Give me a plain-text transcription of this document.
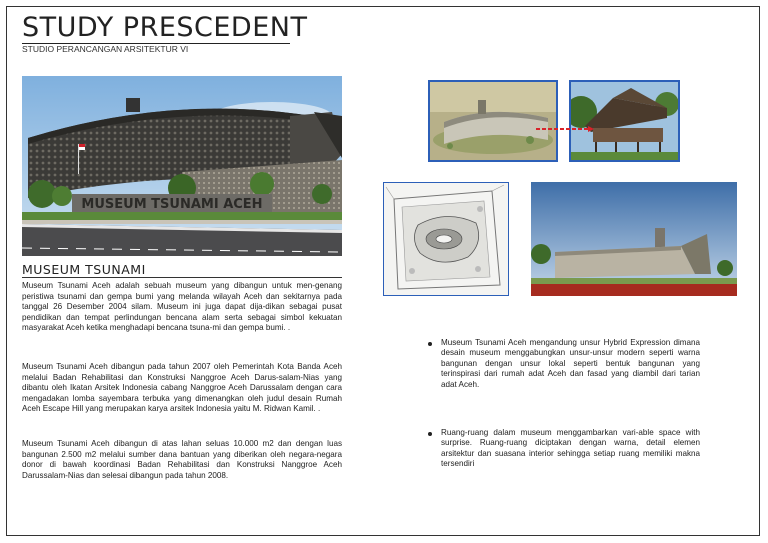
STUDY PRESCEDENT
STUDIO PERANCANGAN ARSITEKTUR VI
MUSEUM TSUNAMI ACEH
MUSEUM TSUNAMI

Museum Tsunami Aceh adalah sebuah museum yang dibangun untuk men-genang peristiwa tsunami dan gempa bumi yang melanda wilayah Aceh dan sekitarnya pada tanggal 26 Desember 2004 silam. Museum ini juga dapat dija-dikan sebagai pusat pendidikan dan tempat perlindungan bencana alam serta sebagai simbol kekuatan masyarakat Aceh ketika menghadapi bencana tsuna-mi dan gempa bumi. .

Museum Tsunami Aceh dibangun pada tahun 2007 oleh Pemerintah Kota Banda Aceh melalui Badan Rehabilitasi dan Konstruksi Nanggroe Aceh Darus-salam-Nias yang dibantu oleh Ikatan Arsitek Indonesia cabang Nanggroe Aceh Darussalam dengan cara mengadakan lomba sayembara terbuka yang dimenangkan oleh judul desain Rumah Aceh Escape Hill yang merupakan karya arsitek Indonesia yaitu M. Ridwan Kamil. .

Museum Tsunami Aceh dibangun di atas lahan seluas 10.000 m2 dan dengan luas bangunan 2.500 m2 melalui sumber dana bantuan yang diberikan oleh negara-negara donor di bawah koordinasi Badan Rehabilitasi dan Konstruksi Nanggroe Aceh Darussalam-Nias dan selesai dibangun pada tahun 2008.

Museum Tsunami Aceh mengandung unsur Hybrid Expression dimana desain museum menggabungkan unsur-unsur modern seperti warna bangunan dengan unsur lokal seperti bentuk bangunan yang terinspirasi dari rumah adat Aceh dan fasad yang diambil dari tarian adat Aceh.
Ruang-ruang dalam museum menggambarkan vari-able space with surprise. Ruang-ruang diciptakan dengan warna, detail elemen arsitektur dan suasana interior sehingga setiap ruang memiliki makna tersendiri
